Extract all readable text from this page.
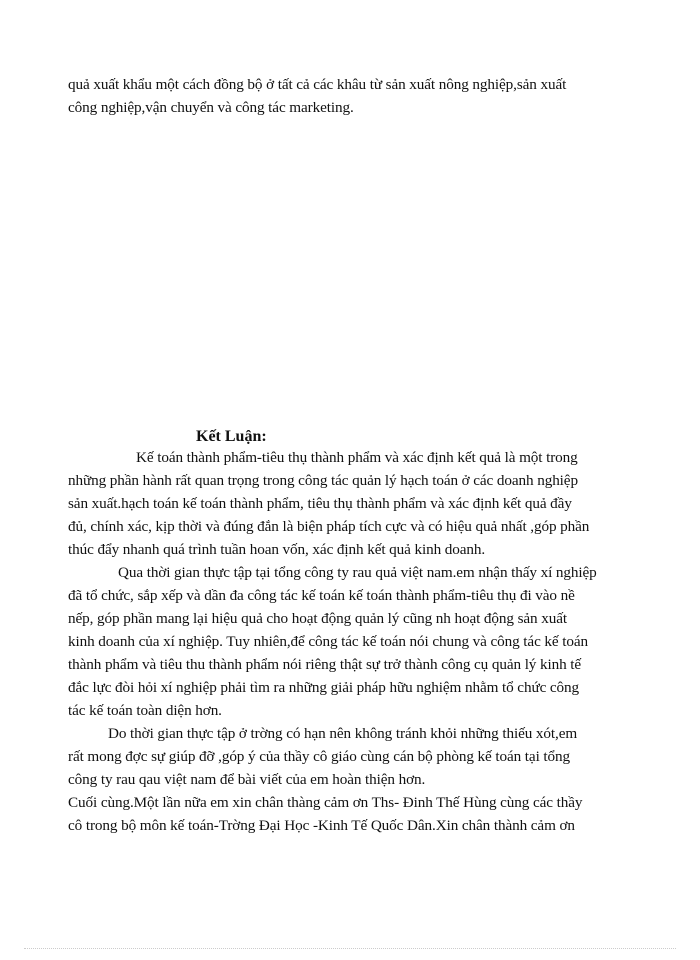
quả xuất khẩu một cách đồng bộ ở tất cả các khâu từ sản xuất nông nghiệp,sản xuất
công nghiệp,vận chuyển và công tác marketing.
Kết Luận:
Kế toán thành phẩm-tiêu thụ thành phẩm và xác định kết quả là một trong
những phần hành rất quan trọng trong công tác quản lý hạch toán ở các doanh nghiệp
sản xuất.hạch toán kế toán thành phẩm, tiêu thụ thành phẩm và xác định kết quả đầy
đủ, chính xác, kịp thời và đúng đắn là biện pháp tích cực và có hiệu quả nhất ,góp phần
thúc đẩy nhanh quá trình tuần hoan vốn, xác định kết quả kinh doanh.
Qua thời gian thực tập tại tổng công ty rau quả việt nam.em nhận thấy xí nghiệp
đã tổ chức, sắp xếp và dần đa công tác kế toán kế toán thành phẩm-tiêu thụ đi vào nề
nếp, góp phần mang lại hiệu quả cho hoạt động quản lý cũng nh hoạt động sản xuất
kinh doanh của xí nghiệp. Tuy nhiên,để công tác kế toán nói chung và công tác kế toán
thành phẩm và tiêu thu thành phẩm nói riêng thật sự trở thành công cụ quản lý kinh tế
đắc lực đòi hỏi xí nghiệp phải tìm ra những giải pháp hữu nghiệm nhằm tổ chức công
tác kế toán toàn diện hơn.
Do thời gian thực tập ở trờng có hạn nên không tránh khỏi những thiếu xót,em
rất mong đợc sự giúp đỡ ,góp ý của thầy cô giáo cùng cán bộ phòng kế toán tại tổng
công ty rau qau việt nam để bài viết của em hoàn thiện hơn.
Cuối cùng.Một lần nữa em xin chân thàng cảm ơn Ths- Đinh Thế Hùng cùng các thầy
cô trong bộ môn kế toán-Trờng Đại Học -Kinh Tế Quốc Dân.Xin chân thành cảm ơn
